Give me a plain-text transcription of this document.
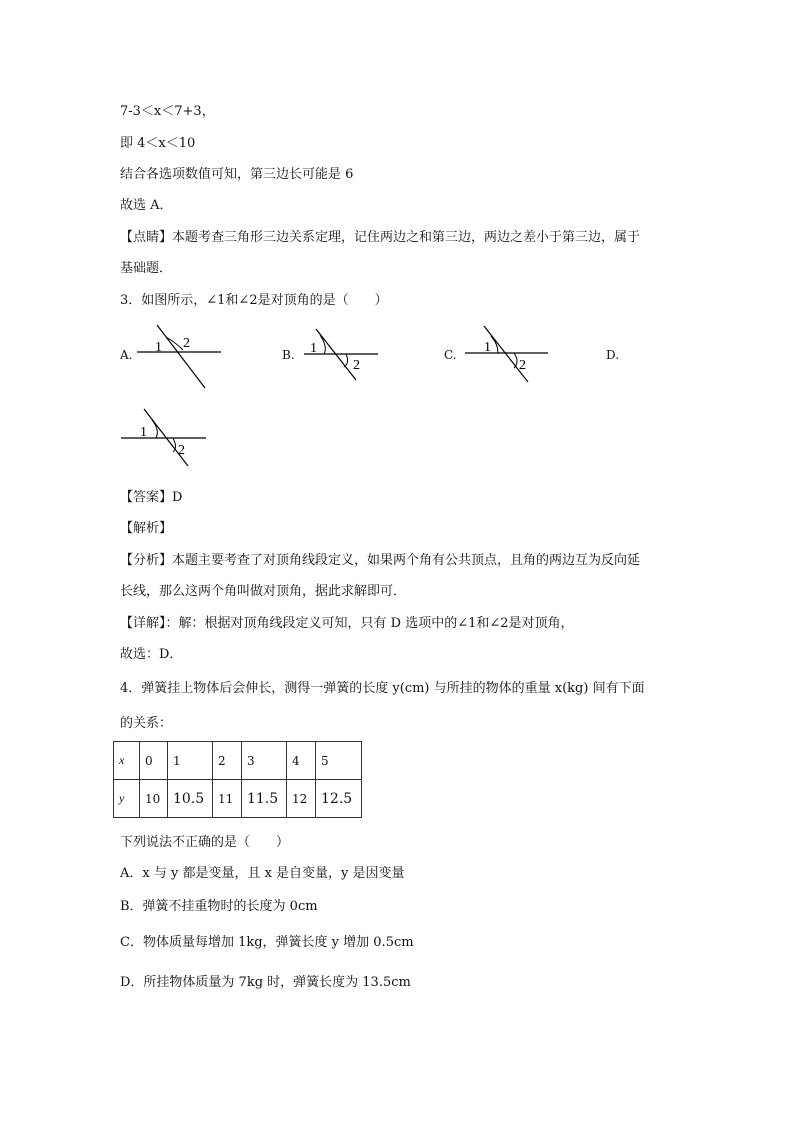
7-3＜x＜7+3，
即 4＜x＜10
结合各选项数值可知，第三边长可能是 6
故选 A．
【点睛】本题考查三角形三边关系定理，记住两边之和第三边，两边之差小于第三边，属于
基础题．
3．如图所示，∠1和∠2是对顶角的是（　　）
A.	B.	C.	D.
1 2	1
2
1
2
1
2
【答案】D
【解析】
【分析】本题主要考查了对顶角线段定义，如果两个角有公共顶点，且角的两边互为反向延
长线，那么这两个角叫做对顶角，据此求解即可．
【详解】：解：根据对顶角线段定义可知，只有 D 选项中的∠1和∠2是对顶角，
故选：D．
4．弹簧挂上物体后会伸长，测得一弹簧的长度 y(cm) 与所挂的物体的重量 x(kg) 间有下面
的关系：
x	0	1	2	3	4	5
y	10	10.5	11	11.5	12	12.5
下列说法不正确的是（　　）
A．x 与 y 都是变量，且 x 是自变量，y 是因变量
B．弹簧不挂重物时的长度为 0cm
C．物体质量每增加 1kg，弹簧长度 y 增加 0.5cm
D．所挂物体质量为 7kg 时，弹簧长度为 13.5cm
